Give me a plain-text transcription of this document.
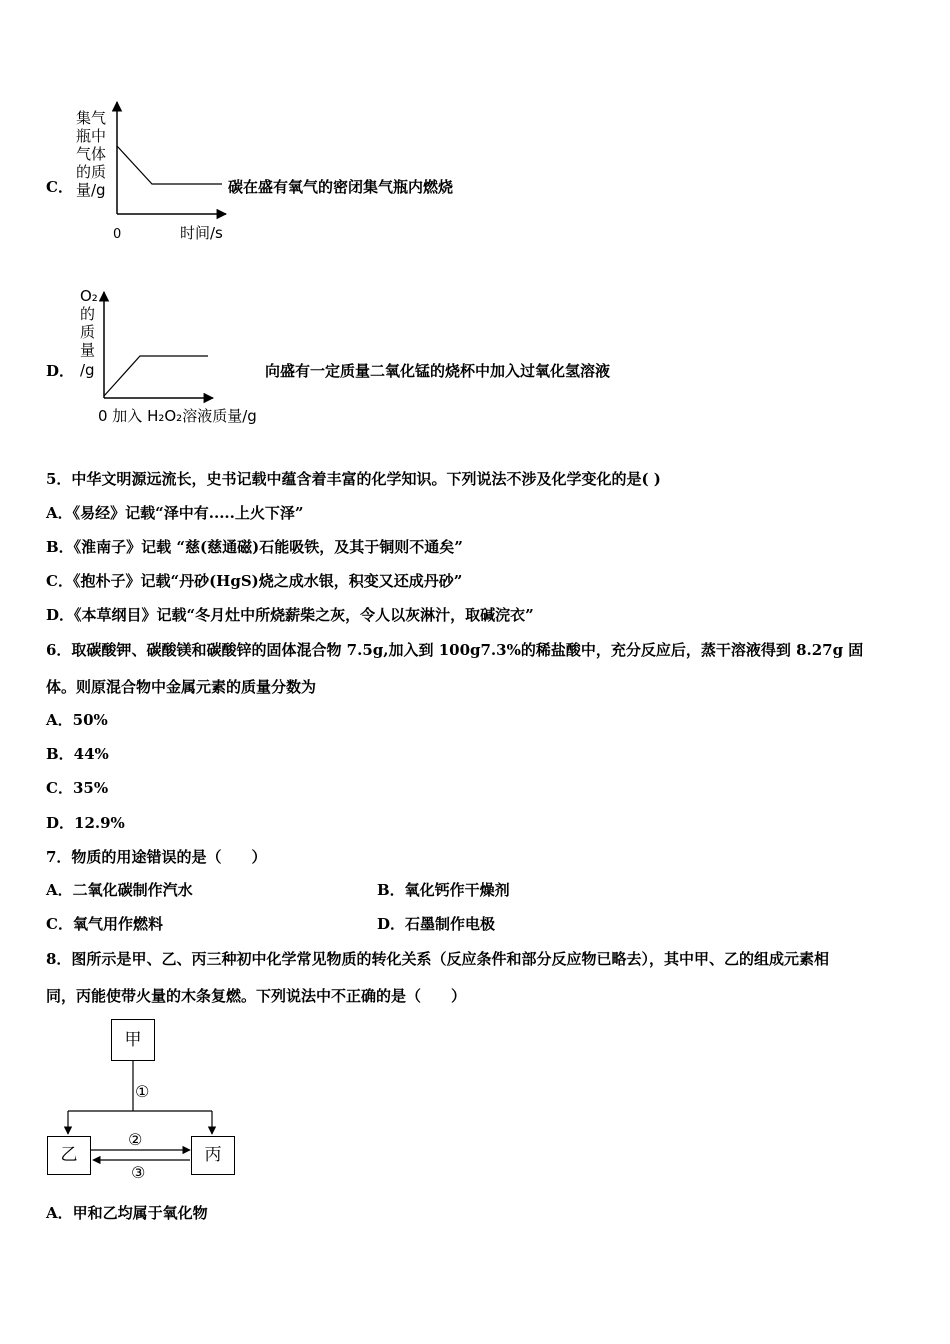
C．
集气
瓶中
气体
的质
量/g
0	时间/s
碳在盛有氧气的密闭集气瓶内燃烧
D．
O₂
的
质
量
/g
0 加入 H₂O₂溶液质量/g
向盛有一定质量二氧化锰的烧杯中加入过氧化氢溶液
5．中华文明源远流长，史书记载中蕴含着丰富的化学知识。下列说法不涉及化学变化的是( )
A．《易经》记载“泽中有.....上火下泽”
B．《淮南子》记载 “慈(慈通磁)石能吸铁，及其于铜则不通矣”
C．《抱朴子》记载“丹砂(HgS)烧之成水银，积变又还成丹砂”
D．《本草纲目》记载“冬月灶中所烧薪柴之灰，令人以灰淋汁，取碱浣衣”
6．取碳酸钾、碳酸镁和碳酸锌的固体混合物 7.5g,加入到 100g7.3%的稀盐酸中，充分反应后，蒸干溶液得到 8.27g 固
体。则原混合物中金属元素的质量分数为
A．50%
B．44%
C．35%
D．12.9%
7．物质的用途错误的是（　　）
A．二氧化碳制作汽水	B．氧化钙作干燥剂
C．氧气用作燃料	D．石墨制作电极
8．图所示是甲、乙、丙三种初中化学常见物质的转化关系（反应条件和部分反应物已略去），其中甲、乙的组成元素相
同，丙能使带火量的木条复燃。下列说法中不正确的是（　　）
甲
乙	丙
①
②
③
A．甲和乙均属于氧化物
